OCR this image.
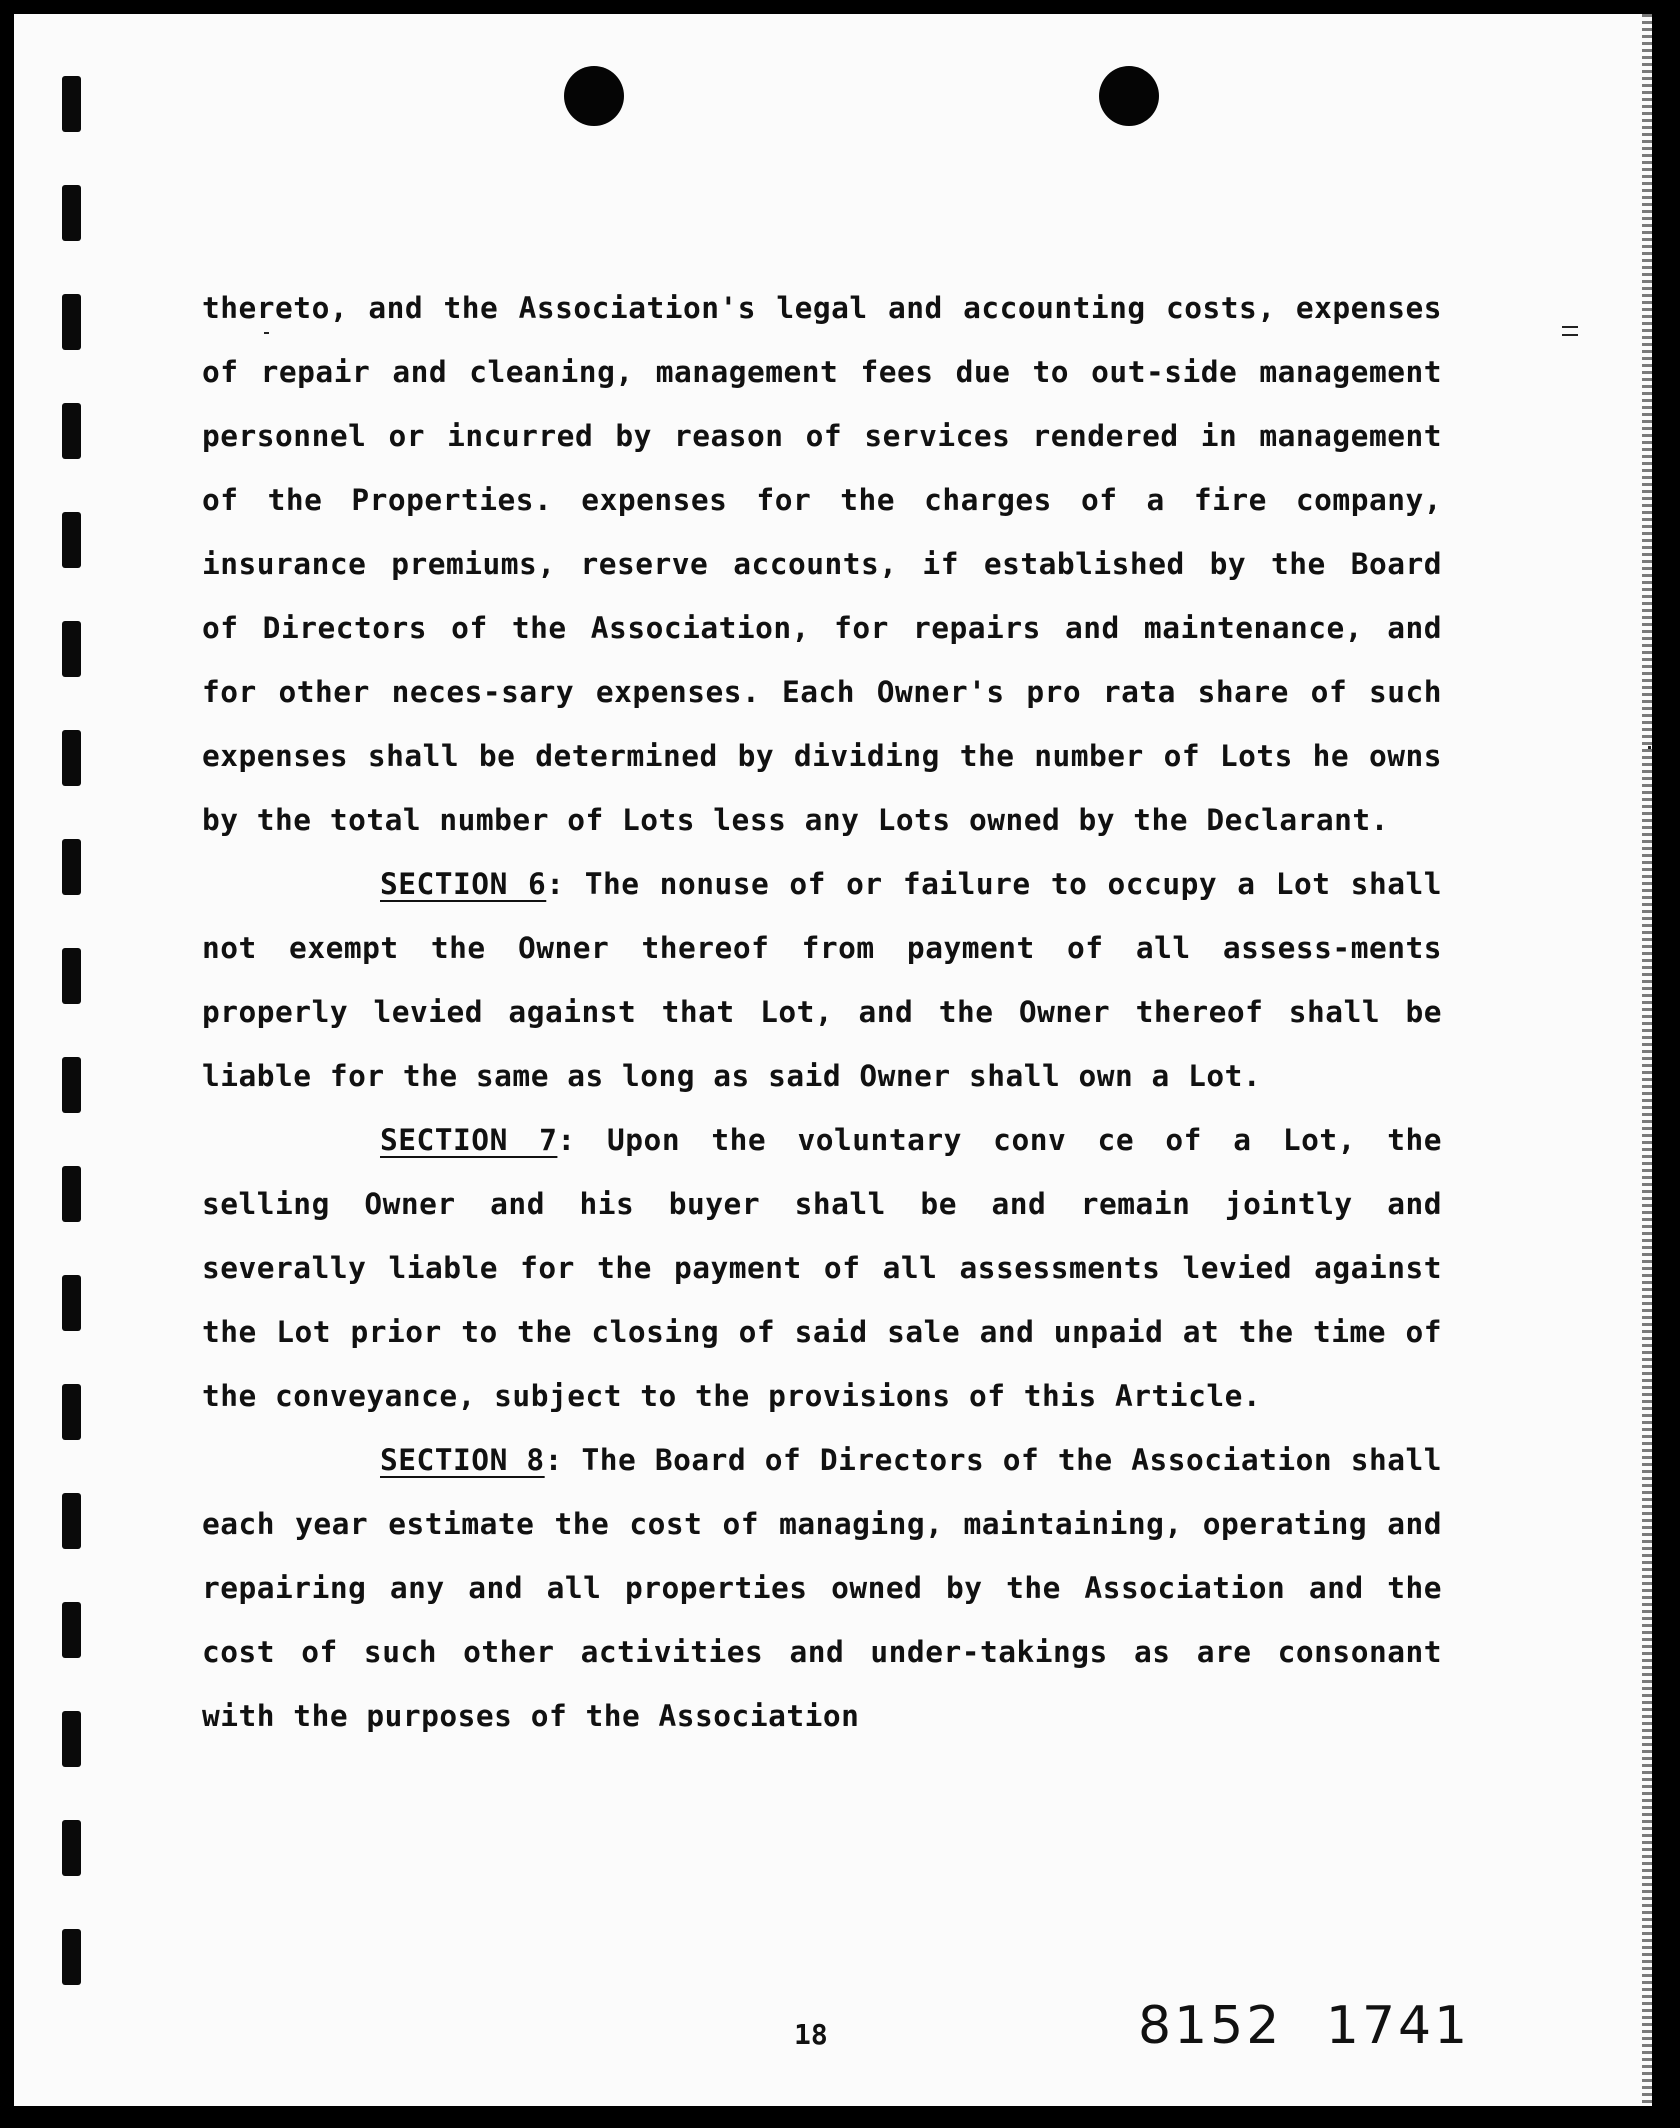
thereto, and the Association's legal and accounting costs, expenses of repair and cleaning, management fees due to out-side management personnel or incurred by reason of services rendered in management of the Properties. expenses for the charges of a fire company, insurance premiums, reserve accounts, if established by the Board of Directors of the Association, for repairs and maintenance, and for other neces-sary expenses. Each Owner's pro rata share of such expenses shall be determined by dividing the number of Lots he owns by the total number of Lots less any Lots owned by the Declarant.

SECTION 6: The nonuse of or failure to occupy a Lot shall not exempt the Owner thereof from payment of all assess-ments properly levied against that Lot, and the Owner thereof shall be liable for the same as long as said Owner shall own a Lot.

SECTION 7: Upon the voluntary conv ce of a Lot, the selling Owner and his buyer shall be and remain jointly and severally liable for the payment of all assessments levied against the Lot prior to the closing of said sale and unpaid at the time of the conveyance, subject to the provisions of this Article.

SECTION 8: The Board of Directors of the Association shall each year estimate the cost of managing, maintaining, operating and repairing any and all properties owned by the Association and the cost of such other activities and under-takings as are consonant with the purposes of the Association

18	8152 1741
